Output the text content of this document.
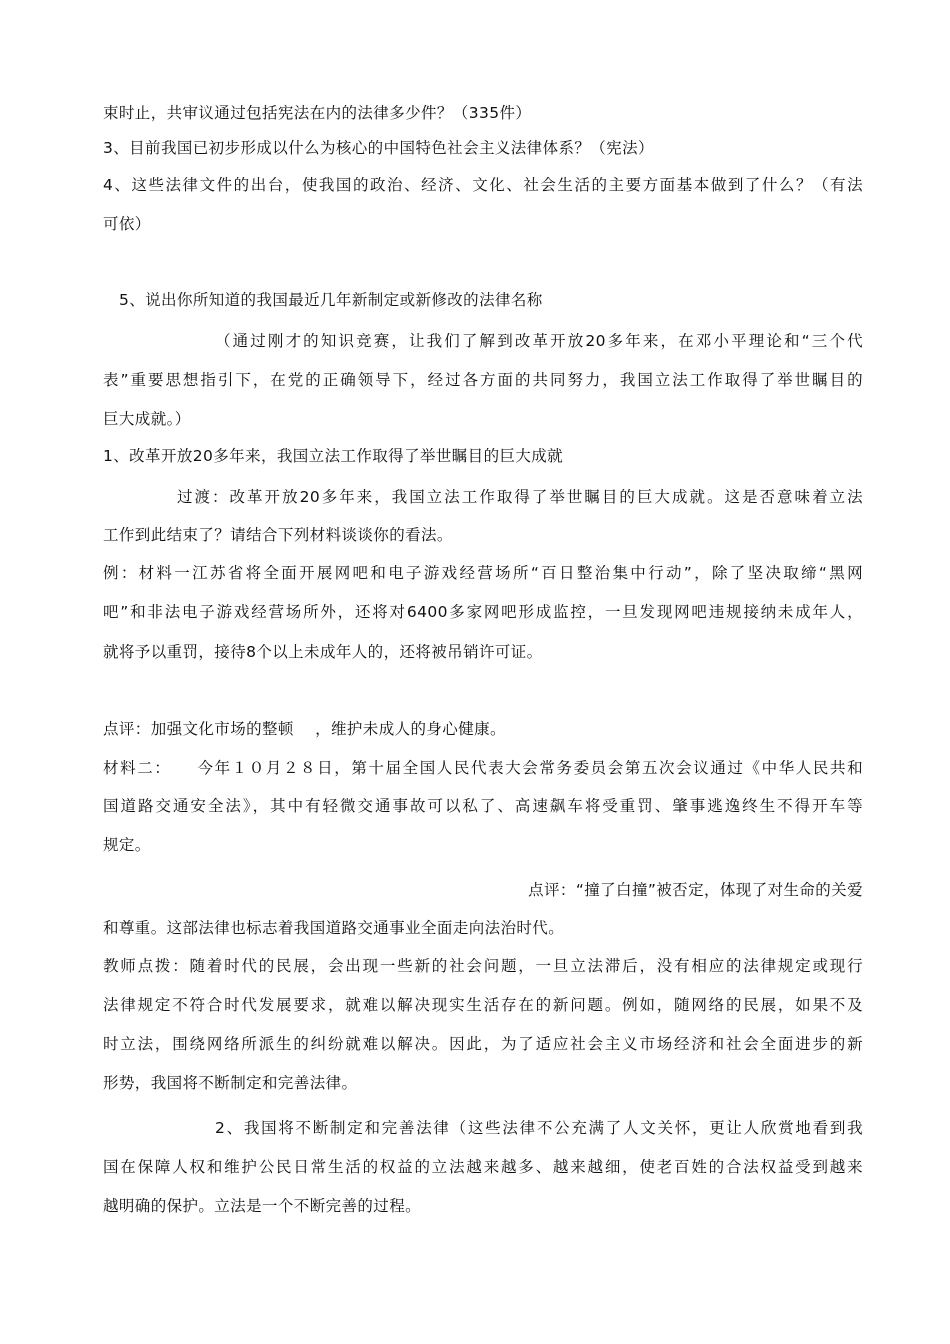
束时止，共审议通过包括宪法在内的法律多少件？（335件）
3、目前我国已初步形成以什么为核心的中国特色社会主义法律体系？（宪法）
4、这些法律文件的出台，使我国的政治、经济、文化、社会生活的主要方面基本做到了什么？（有法
可依）
5、说出你所知道的我国最近几年新制定或新修改的法律名称
（通过刚才的知识竞赛，让我们了解到改革开放20多年来，在邓小平理论和“三个代
表”重要思想指引下，在党的正确领导下，经过各方面的共同努力，我国立法工作取得了举世瞩目的
巨大成就。）
1、改革开放20多年来，我国立法工作取得了举世瞩目的巨大成就
过渡：改革开放20多年来，我国立法工作取得了举世瞩目的巨大成就。这是否意味着立法
工作到此结束了？请结合下列材料谈谈你的看法。
例：材料一江苏省将全面开展网吧和电子游戏经营场所“百日整治集中行动”，除了坚决取缔“黑网
吧”和非法电子游戏经营场所外，还将对6400多家网吧形成监控，一旦发现网吧违规接纳未成年人，
就将予以重罚，接待8个以上未成年人的，还将被吊销许可证。
点评：加强文化市场的整顿    ，维护未成人的身心健康。
材料二：    今年１０月２８日，第十届全国人民代表大会常务委员会第五次会议通过《中华人民共和
国道路交通安全法》，其中有轻微交通事故可以私了、高速飙车将受重罚、肇事逃逸终生不得开车等
规定。
点评：“撞了白撞”被否定，体现了对生命的关爱
和尊重。这部法律也标志着我国道路交通事业全面走向法治时代。
教师点拨：随着时代的民展，会出现一些新的社会问题，一旦立法滞后，没有相应的法律规定或现行
法律规定不符合时代发展要求，就难以解决现实生活存在的新问题。例如，随网络的民展，如果不及
时立法，围绕网络所派生的纠纷就难以解决。因此，为了适应社会主义市场经济和社会全面进步的新
形势，我国将不断制定和完善法律。
2、我国将不断制定和完善法律（这些法律不公充满了人文关怀，更让人欣赏地看到我
国在保障人权和维护公民日常生活的权益的立法越来越多、越来越细，使老百姓的合法权益受到越来
越明确的保护。立法是一个不断完善的过程。
